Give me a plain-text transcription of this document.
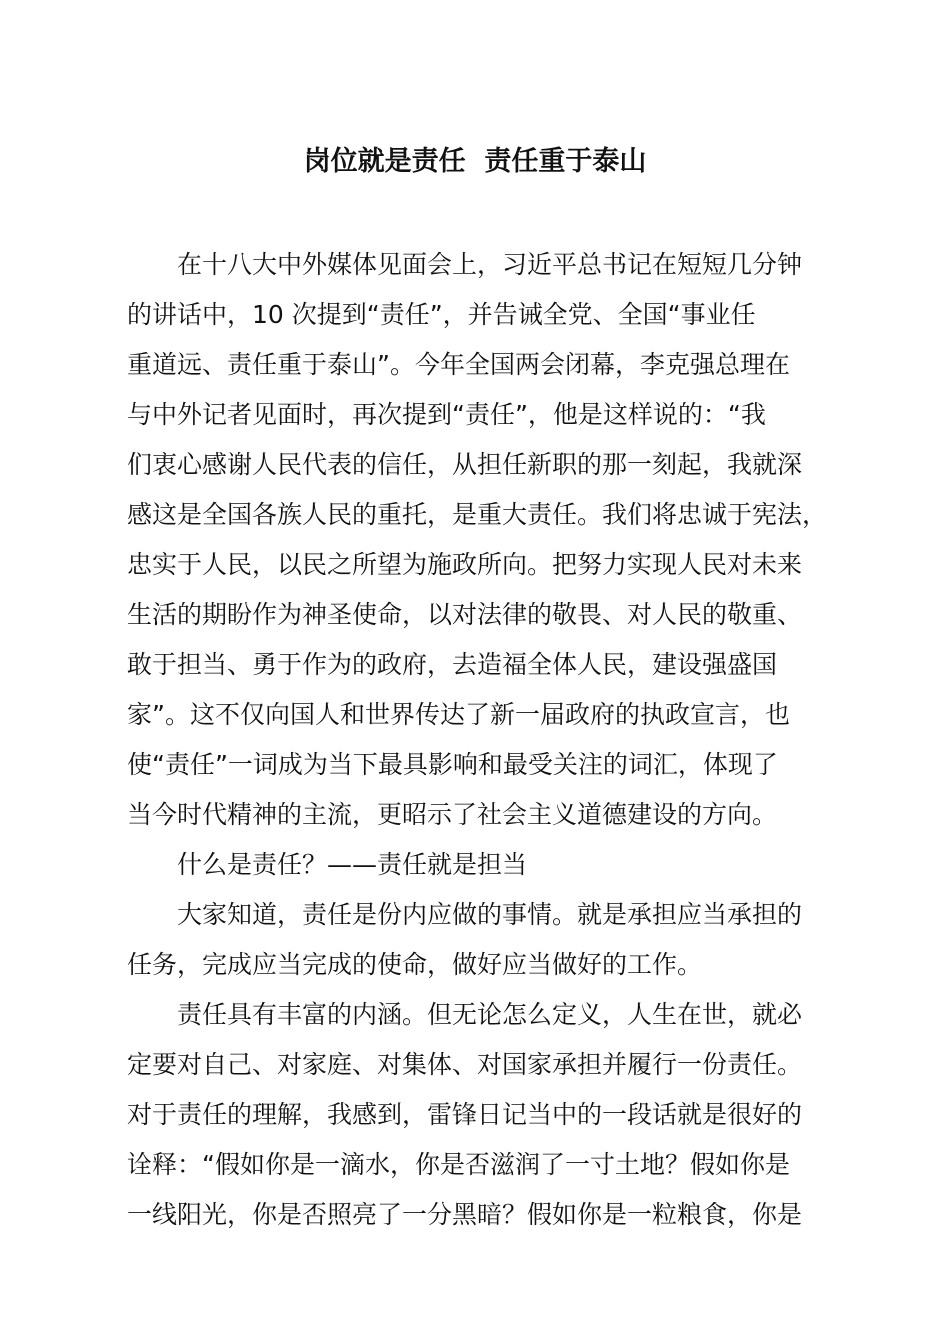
岗位就是责任  责任重于泰山
在十八大中外媒体见面会上，习近平总书记在短短几分钟
的讲话中，10 次提到“责任”，并告诫全党、全国“事业任
重道远、责任重于泰山”。今年全国两会闭幕，李克强总理在
与中外记者见面时，再次提到“责任”，他是这样说的：“我
们衷心感谢人民代表的信任，从担任新职的那一刻起，我就深
感这是全国各族人民的重托，是重大责任。我们将忠诚于宪法，
忠实于人民，以民之所望为施政所向。把努力实现人民对未来
生活的期盼作为神圣使命，以对法律的敬畏、对人民的敬重、
敢于担当、勇于作为的政府，去造福全体人民，建设强盛国
家”。这不仅向国人和世界传达了新一届政府的执政宣言，也
使“责任”一词成为当下最具影响和最受关注的词汇，体现了
当今时代精神的主流，更昭示了社会主义道德建设的方向。
什么是责任？——责任就是担当
大家知道，责任是份内应做的事情。就是承担应当承担的
任务，完成应当完成的使命，做好应当做好的工作。
责任具有丰富的内涵。但无论怎么定义，人生在世，就必
定要对自己、对家庭、对集体、对国家承担并履行一份责任。
对于责任的理解，我感到，雷锋日记当中的一段话就是很好的
诠释：“假如你是一滴水，你是否滋润了一寸土地？假如你是
一线阳光，你是否照亮了一分黑暗？假如你是一粒粮食，你是
